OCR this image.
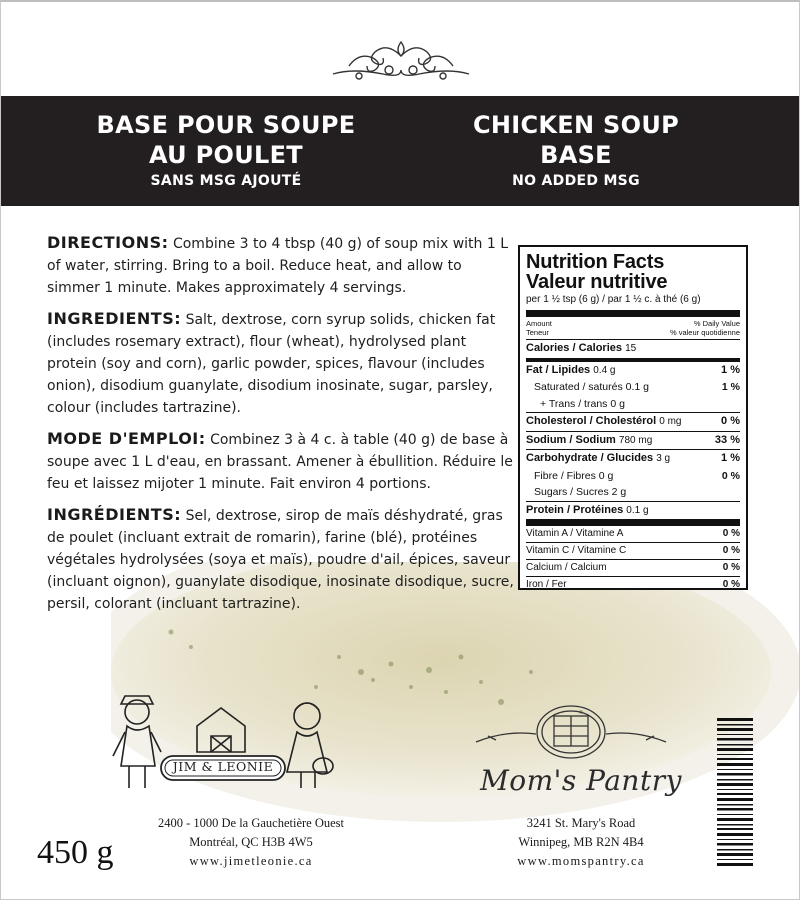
BASE POUR SOUPE
AU POULET
SANS MSG AJOUTÉ
CHICKEN SOUP
BASE
NO ADDED MSG

DIRECTIONS: Combine 3 to 4 tbsp (40 g) of soup mix with 1 L of water, stirring. Bring to a boil. Reduce heat, and allow to simmer 1 minute. Makes approximately 4 servings.

INGREDIENTS: Salt, dextrose, corn syrup solids, chicken fat (includes rosemary extract), flour (wheat), hydrolysed plant protein (soy and corn), garlic powder, spices, flavour (includes onion), disodium guanylate, disodium inosinate, sugar, parsley, colour (includes tartrazine).

MODE D'EMPLOI: Combinez 3 à 4 c. à table (40 g) de base à soupe avec 1 L d'eau, en brassant. Amener à ébullition. Réduire le feu et laissez mijoter 1 minute. Fait environ 4 portions.

INGRÉDIENTS: Sel, dextrose, sirop de maïs déshydraté, gras de poulet (incluant extrait de romarin), farine (blé), protéines végétales hydrolysées (soya et maïs), poudre d'ail, épices, saveur (incluant oignon), guanylate disodique, inosinate disodique, sucre, persil, colorant (incluant tartrazine).

Nutrition Facts
Valeur nutritive
per 1 ½ tsp (6 g) / par 1 ½ c. à thé (6 g)
Amount	% Daily Value
Teneur	% valeur quotidienne
Calories / Calories 15
Fat / Lipides 0.4 g	1 %
Saturated / saturés 0.1 g	1 %
+ Trans / trans 0 g
Cholesterol / Cholestérol 0 mg	0 %
Sodium / Sodium 780 mg	33 %
Carbohydrate / Glucides 3 g	1 %
Fibre / Fibres 0 g	0 %
Sugars / Sucres 2 g
Protein / Protéines 0.1 g
Vitamin A / Vitamine A	0 %
Vitamin C / Vitamine C	0 %
Calcium / Calcium	0 %
Iron / Fer	0 %
JIM & LEONIE	Mom's Pantry
2400 - 1000 De la Gauchetière Ouest
Montréal, QC H3B 4W5
www.jimetleonie.ca
3241 St. Mary's Road
Winnipeg, MB R2N 4B4
www.momspantry.ca
450 g
